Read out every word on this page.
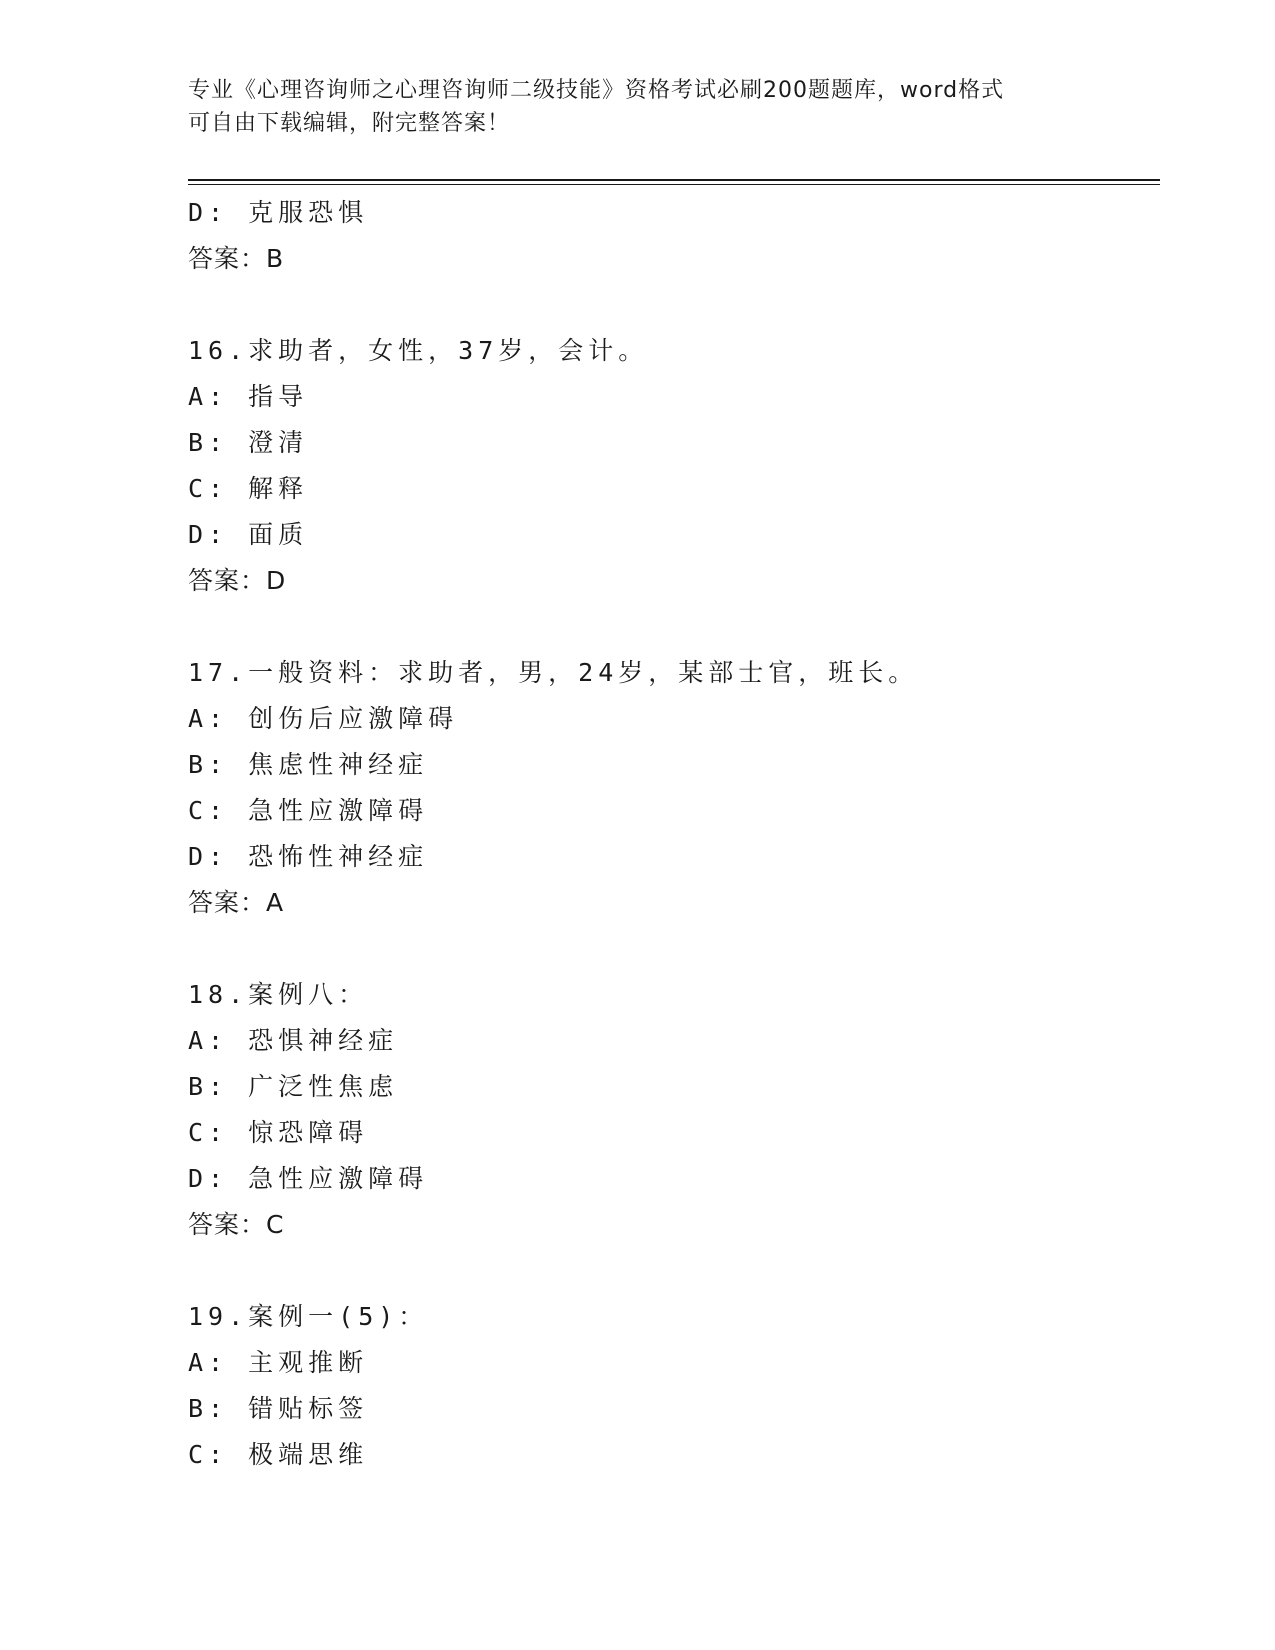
专业《心理咨询师之心理咨询师二级技能》资格考试必刷200题题库，word格式
可自由下载编辑，附完整答案！
D: 克服恐惧
答案：B
16.求助者，女性，37岁，会计。
A: 指导
B: 澄清
C: 解释
D: 面质
答案：D
17.一般资料：求助者，男，24岁，某部士官，班长。
A: 创伤后应激障碍
B: 焦虑性神经症
C: 急性应激障碍
D: 恐怖性神经症
答案：A
18.案例八：
A: 恐惧神经症
B: 广泛性焦虑
C: 惊恐障碍
D: 急性应激障碍
答案：C
19.案例一(5)：
A: 主观推断
B: 错贴标签
C: 极端思维
